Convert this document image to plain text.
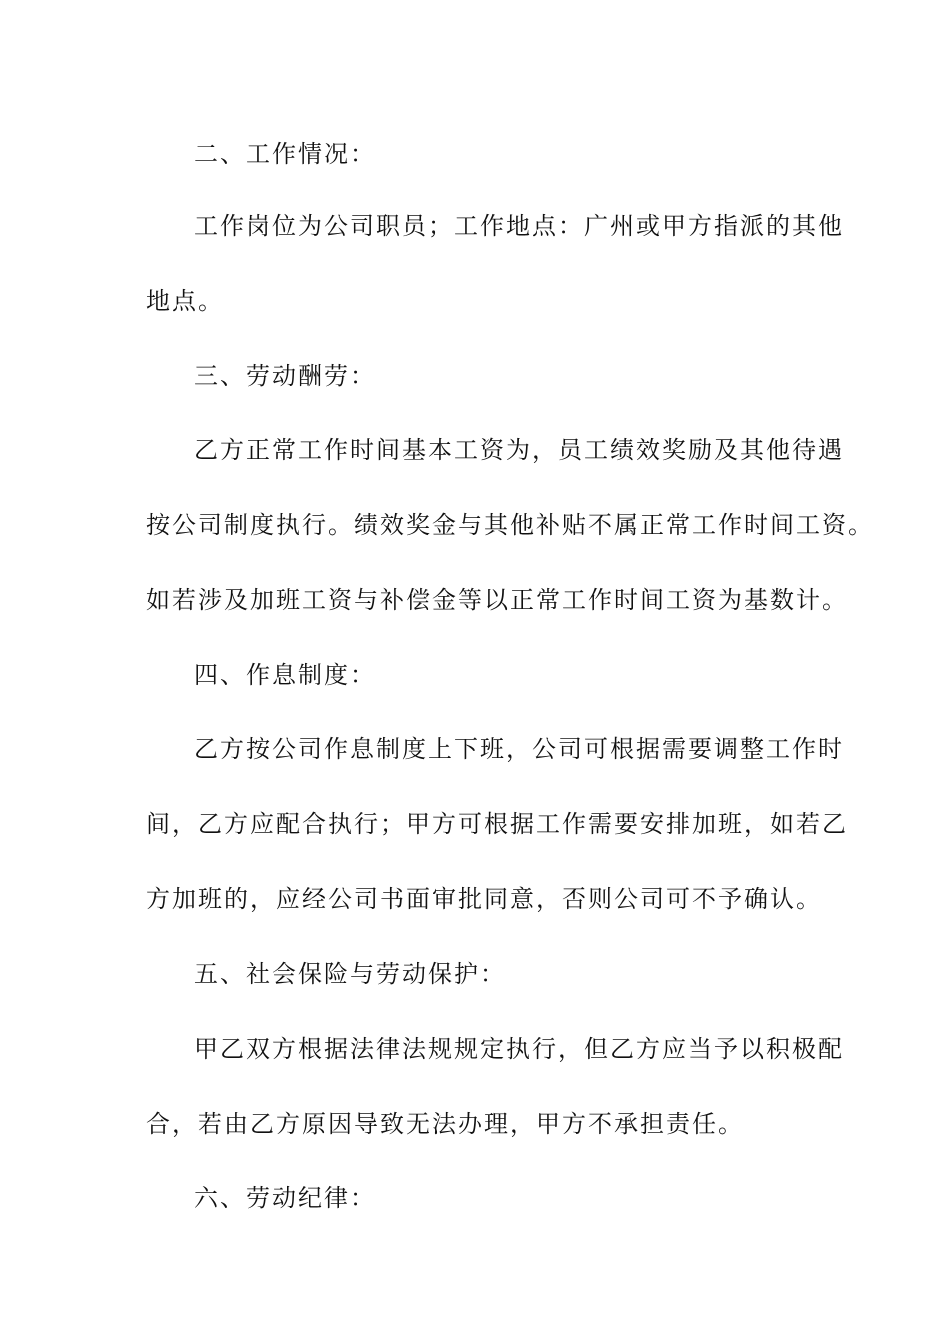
二、工作情况：
工作岗位为公司职员；工作地点：广州或甲方指派的其他
地点。
三、劳动酬劳：
乙方正常工作时间基本工资为，员工绩效奖励及其他待遇
按公司制度执行。绩效奖金与其他补贴不属正常工作时间工资。
如若涉及加班工资与补偿金等以正常工作时间工资为基数计。
四、作息制度：
乙方按公司作息制度上下班，公司可根据需要调整工作时
间，乙方应配合执行；甲方可根据工作需要安排加班，如若乙
方加班的，应经公司书面审批同意，否则公司可不予确认。
五、社会保险与劳动保护：
甲乙双方根据法律法规规定执行，但乙方应当予以积极配
合，若由乙方原因导致无法办理，甲方不承担责任。
六、劳动纪律：
